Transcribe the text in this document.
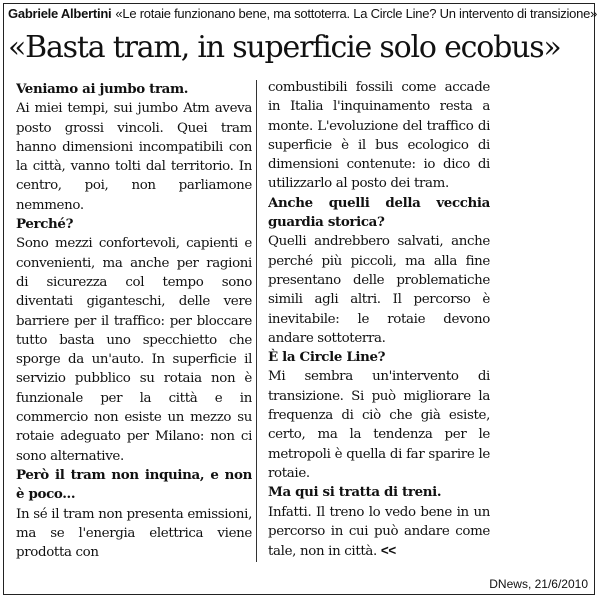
Gabriele Albertini «Le rotaie funzionano bene, ma sottoterra. La Circle Line? Un intervento di transizione»
«Basta tram, in superficie solo ecobus»

Veniamo ai jumbo tram.

Ai miei tempi, sui jumbo Atm aveva posto grossi vincoli. Quei tram hanno dimensioni incompatibili con la città, vanno tolti dal territorio. In centro, poi, non parliamone nemmeno.

Perché?

Sono mezzi confortevoli, capienti e convenienti, ma anche per ragioni di sicurezza col tempo sono diventati giganteschi, delle vere barriere per il traffico: per bloccare tutto basta uno specchietto che sporge da un'auto. In superficie il servizio pubblico su rotaia non è funzionale per la città e in commercio non esiste un mezzo su rotaie adeguato per Milano: non ci sono alternative.

Però il tram non inquina, e non è poco...

In sé il tram non presenta emissioni, ma se l'energia elettrica viene prodotta con

combustibili fossili come accade in Italia l'inquinamento resta a monte. L'evoluzione del traffico di superficie è il bus ecologico di dimensioni contenute: io dico di utilizzarlo al posto dei tram.

Anche quelli della vecchia guardia storica?

Quelli andrebbero salvati, anche perché più piccoli, ma alla fine presentano delle problematiche simili agli altri. Il percorso è inevitabile: le rotaie devono andare sottoterra.

È la Circle Line?

Mi sembra un'intervento di transizione. Si può migliorare la frequenza di ciò che già esiste, certo, ma la tendenza per le metropoli è quella di far sparire le rotaie.

Ma qui si tratta di treni.

Infatti. Il treno lo vedo bene in un percorso in cui può andare come tale, non in città. <<

DNews, 21/6/2010
